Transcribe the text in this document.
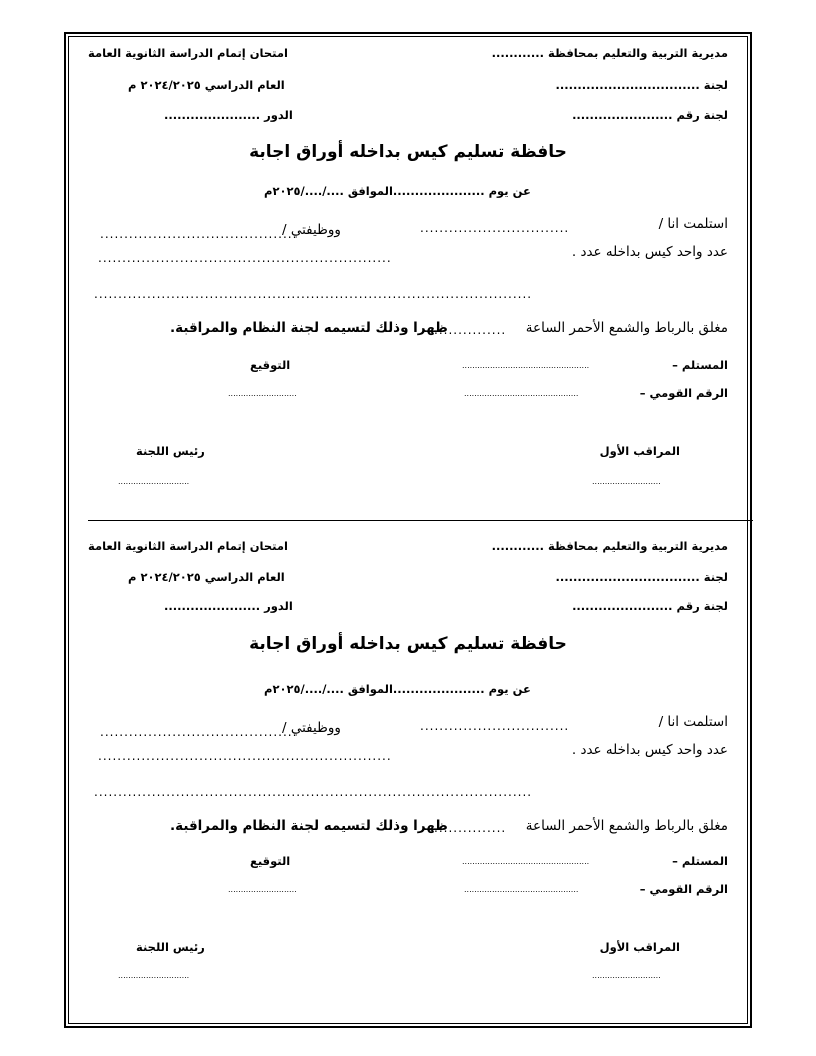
مديرية التربية والتعليم بمحافظة ............
امتحان إتمام الدراسة الثانوية العامة
لجنة .................................
العام الدراسي ٢٠٢٤/٢٠٢٥ م
لجنة رقم .......................
الدور ......................
حافظة تسليم كيس بداخله أوراق اجابة
عن يوم .....................الموافق ..../..../٢٠٢٥م
استلمت انا /
...............................
ووظيفتي /
.........................................
عدد واحد كيس بداخله عدد .
.............................................................
...........................................................................................
مغلق بالرباط والشمع الأحمر الساعة
...............
ظهرا وذلك لتسيمه لجنة النظام والمراقبة.
المستلم –
..................................................
التوقيع
الرقم القومي –
.............................................
...........................
المراقب الأول
رئيس اللجنة
...........................
............................
مديرية التربية والتعليم بمحافظة ............
امتحان إتمام الدراسة الثانوية العامة
لجنة .................................
العام الدراسي ٢٠٢٤/٢٠٢٥ م
لجنة رقم .......................
الدور ......................
حافظة تسليم كيس بداخله أوراق اجابة
عن يوم .....................الموافق ..../..../٢٠٢٥م
استلمت انا /
...............................
ووظيفتي /
.........................................
عدد واحد كيس بداخله عدد .
.............................................................
...........................................................................................
مغلق بالرباط والشمع الأحمر الساعة
...............
ظهرا وذلك لتسيمه لجنة النظام والمراقبة.
المستلم –
..................................................
التوقيع
الرقم القومي –
.............................................
...........................
المراقب الأول
رئيس اللجنة
...........................
............................
